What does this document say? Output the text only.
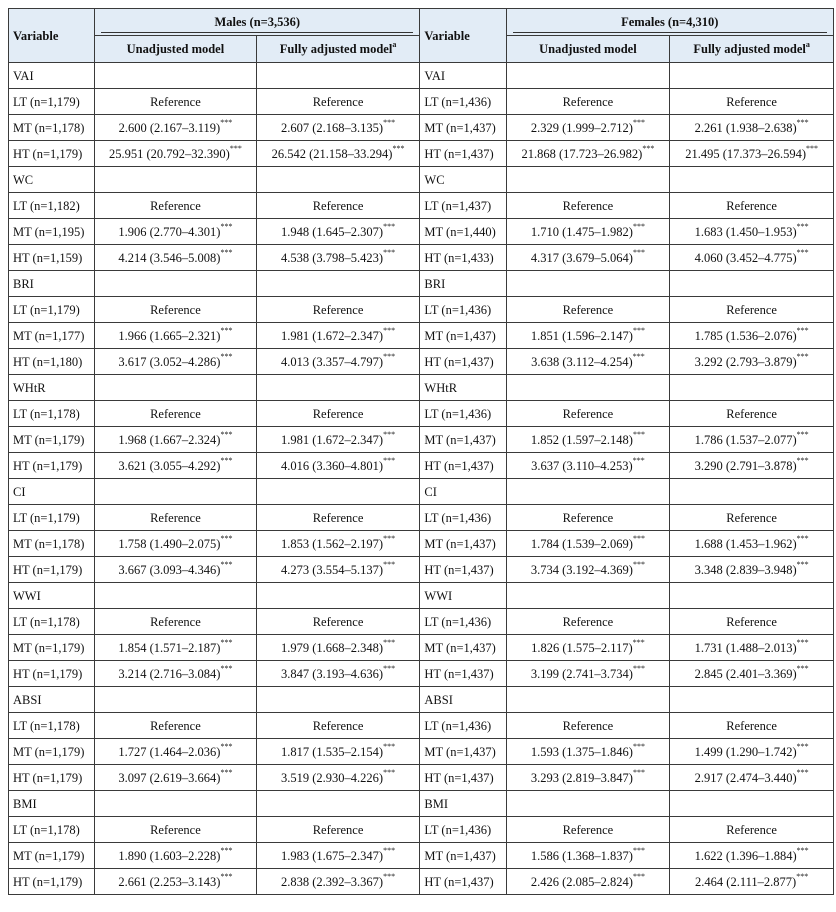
Variable	Males (n=3,536)		Variable	Females (n=4,310)	
	Unadjusted model	Fully adjusted model$^a$		Unadjusted model	Fully adjusted model$^a$
VAI			VAI		
LT (n=1,179)	Reference	Reference	LT (n=1,436)	Reference	Reference
MT (n=1,178)	2.600 (2.167–3.119)***	2.607 (2.168–3.135)***	MT (n=1,437)	2.329 (1.999–2.712)***	2.261 (1.938–2.638)***
HT (n=1,179)	25.951 (20.792–32.390)***	26.542 (21.158–33.294)***	HT (n=1,437)	21.868 (17.723–26.982)***	21.495 (17.373–26.594)***
WC			WC		
LT (n=1,182)	Reference	Reference	LT (n=1,437)	Reference	Reference
MT (n=1,195)	1.906 (2.770–4.301)***	1.948 (1.645–2.307)***	MT (n=1,440)	1.710 (1.475–1.982)***	1.683 (1.450–1.953)***
HT (n=1,159)	4.214 (3.546–5.008)***	4.538 (3.798–5.423)***	HT (n=1,433)	4.317 (3.679–5.064)***	4.060 (3.452–4.775)***
BRI			BRI		
LT (n=1,179)	Reference	Reference	LT (n=1,436)	Reference	Reference
MT (n=1,177)	1.966 (1.665–2.321)***	1.981 (1.672–2.347)***	MT (n=1,437)	1.851 (1.596–2.147)***	1.785 (1.536–2.076)***
HT (n=1,180)	3.617 (3.052–4.286)***	4.013 (3.357–4.797)***	HT (n=1,437)	3.638 (3.112–4.254)***	3.292 (2.793–3.879)***
WHtR			WHtR		
LT (n=1,178)	Reference	Reference	LT (n=1,436)	Reference	Reference
MT (n=1,179)	1.968 (1.667–2.324)***	1.981 (1.672–2.347)***	MT (n=1,437)	1.852 (1.597–2.148)***	1.786 (1.537–2.077)***
HT (n=1,179)	3.621 (3.055–4.292)***	4.016 (3.360–4.801)***	HT (n=1,437)	3.637 (3.110–4.253)***	3.290 (2.791–3.878)***
CI			CI		
LT (n=1,179)	Reference	Reference	LT (n=1,436)	Reference	Reference
MT (n=1,178)	1.758 (1.490–2.075)***	1.853 (1.562–2.197)***	MT (n=1,437)	1.784 (1.539–2.069)***	1.688 (1.453–1.962)***
HT (n=1,179)	3.667 (3.093–4.346)***	4.273 (3.554–5.137)***	HT (n=1,437)	3.734 (3.192–4.369)***	3.348 (2.839–3.948)***
WWI			WWI		
LT (n=1,178)	Reference	Reference	LT (n=1,436)	Reference	Reference
MT (n=1,179)	1.854 (1.571–2.187)***	1.979 (1.668–2.348)***	MT (n=1,437)	1.826 (1.575–2.117)***	1.731 (1.488–2.013)***
HT (n=1,179)	3.214 (2.716–3.084)***	3.847 (3.193–4.636)***	HT (n=1,437)	3.199 (2.741–3.734)***	2.845 (2.401–3.369)***
ABSI			ABSI		
LT (n=1,178)	Reference	Reference	LT (n=1,436)	Reference	Reference
MT (n=1,179)	1.727 (1.464–2.036)***	1.817 (1.535–2.154)***	MT (n=1,437)	1.593 (1.375–1.846)***	1.499 (1.290–1.742)***
HT (n=1,179)	3.097 (2.619–3.664)***	3.519 (2.930–4.226)***	HT (n=1,437)	3.293 (2.819–3.847)***	2.917 (2.474–3.440)***
BMI			BMI		
LT (n=1,178)	Reference	Reference	LT (n=1,436)	Reference	Reference
MT (n=1,179)	1.890 (1.603–2.228)***	1.983 (1.675–2.347)***	MT (n=1,437)	1.586 (1.368–1.837)***	1.622 (1.396–1.884)***
HT (n=1,179)	2.661 (2.253–3.143)***	2.838 (2.392–3.367)***	HT (n=1,437)	2.426 (2.085–2.824)***	2.464 (2.111–2.877)***
